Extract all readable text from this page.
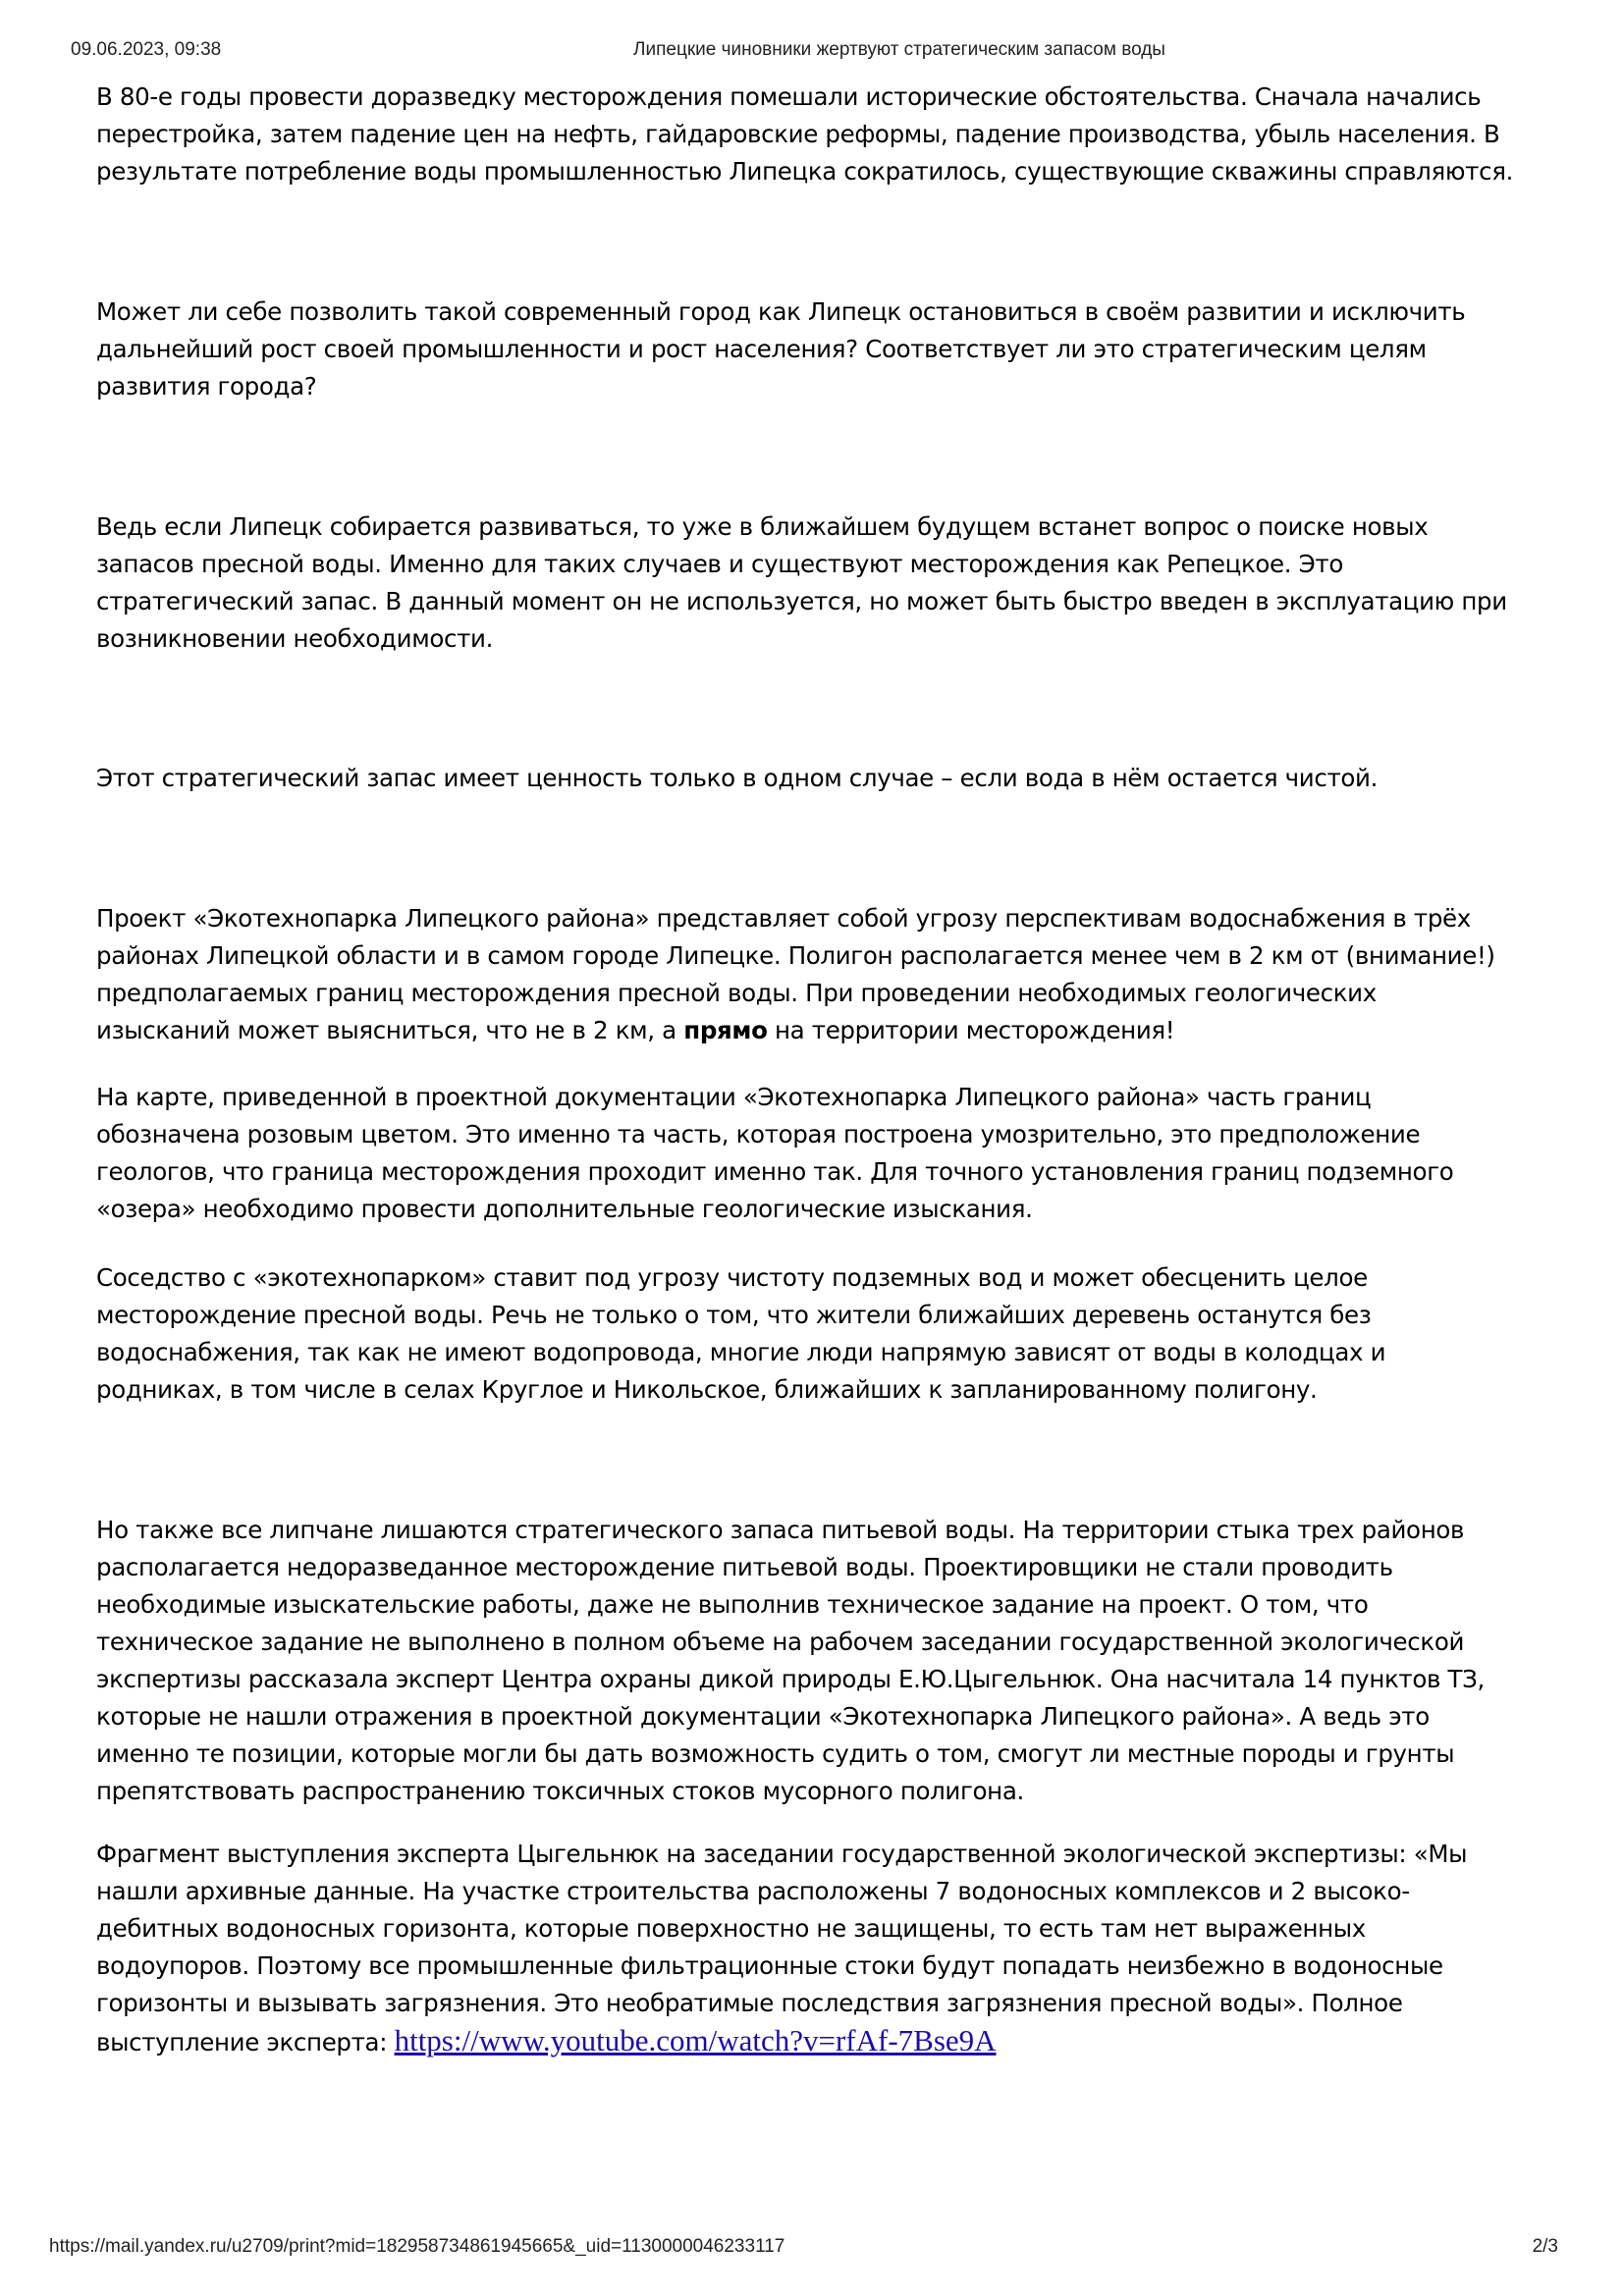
09.06.2023, 09:38	Липецкие чиновники жертвуют стратегическим запасом воды
В 80-е годы провести доразведку месторождения помешали исторические обстоятельства. Сначала начались
перестройка, затем падение цен на нефть, гайдаровские реформы, падение производства, убыль населения. В
результате потребление воды промышленностью Липецка сократилось, существующие скважины справляются.
Может ли себе позволить такой современный город как Липецк остановиться в своём развитии и исключить
дальнейший рост своей промышленности и рост населения? Соответствует ли это стратегическим целям
развития города?
Ведь если Липецк собирается развиваться, то уже в ближайшем будущем встанет вопрос о поиске новых
запасов пресной воды. Именно для таких случаев и существуют месторождения как Репецкое. Это
стратегический запас. В данный момент он не используется, но может быть быстро введен в эксплуатацию при
возникновении необходимости.
Этот стратегический запас имеет ценность только в одном случае – если вода в нём остается чистой.
Проект «Экотехнопарка Липецкого района» представляет собой угрозу перспективам водоснабжения в трёх
районах Липецкой области и в самом городе Липецке. Полигон располагается менее чем в 2 км от (внимание!)
предполагаемых границ месторождения пресной воды. При проведении необходимых геологических
изысканий может выясниться, что не в 2 км, а прямо на территории месторождения!
На карте, приведенной в проектной документации «Экотехнопарка Липецкого района» часть границ
обозначена розовым цветом. Это именно та часть, которая построена умозрительно, это предположение
геологов, что граница месторождения проходит именно так. Для точного установления границ подземного
«озера» необходимо провести дополнительные геологические изыскания.
Соседство с «экотехнопарком» ставит под угрозу чистоту подземных вод и может обесценить целое
месторождение пресной воды. Речь не только о том, что жители ближайших деревень останутся без
водоснабжения, так как не имеют водопровода, многие люди напрямую зависят от воды в колодцах и
родниках, в том числе в селах Круглое и Никольское, ближайших к запланированному полигону.
Но также все липчане лишаются стратегического запаса питьевой воды. На территории стыка трех районов
располагается недоразведанное месторождение питьевой воды. Проектировщики не стали проводить
необходимые изыскательские работы, даже не выполнив техническое задание на проект. О том, что
техническое задание не выполнено в полном объеме на рабочем заседании государственной экологической
экспертизы рассказала эксперт Центра охраны дикой природы Е.Ю.Цыгельнюк. Она насчитала 14 пунктов ТЗ,
которые не нашли отражения в проектной документации «Экотехнопарка Липецкого района». А ведь это
именно те позиции, которые могли бы дать возможность судить о том, смогут ли местные породы и грунты
препятствовать распространению токсичных стоков мусорного полигона.
Фрагмент выступления эксперта Цыгельнюк на заседании государственной экологической экспертизы: «Мы
нашли архивные данные. На участке строительства расположены 7 водоносных комплексов и 2 высоко-
дебитных водоносных горизонта, которые поверхностно не защищены, то есть там нет выраженных
водоупоров. Поэтому все промышленные фильтрационные стоки будут попадать неизбежно в водоносные
горизонты и вызывать загрязнения. Это необратимые последствия загрязнения пресной воды». Полное
выступление эксперта: https://www.youtube.com/watch?v=rfAf-7Bse9A
https://mail.yandex.ru/u2709/print?mid=182958734861945665&_uid=1130000046233117	2/3
